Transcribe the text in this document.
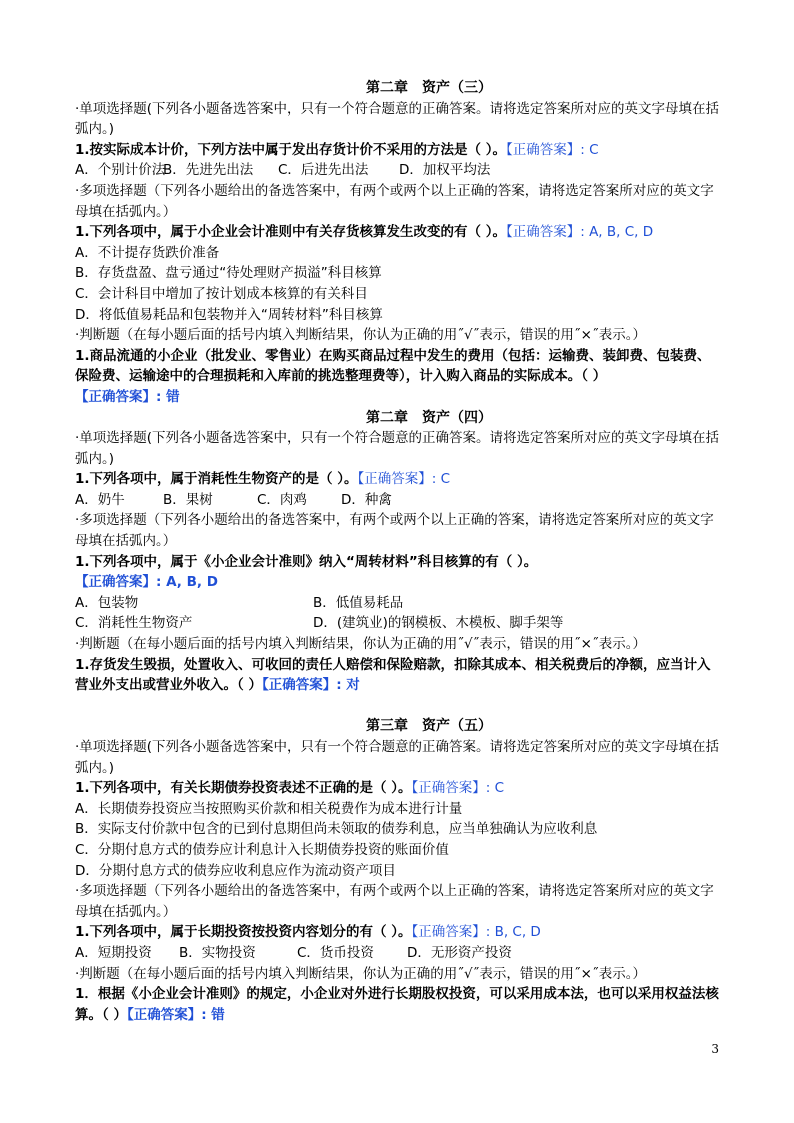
第二章　资产（三）
·单项选择题(下列各小题备选答案中，只有一个符合题意的正确答案。请将选定答案所对应的英文字母填在括弧内。)
1.按实际成本计价，下列方法中属于发出存货计价不采用的方法是（ ）。【正确答案】: C
A．个别计价法B．先进先出法 C．后进先出法 D．加权平均法
·多项选择题（下列各小题给出的备选答案中，有两个或两个以上正确的答案，请将选定答案所对应的英文字母填在括弧内。）
1.下列各项中，属于小企业会计准则中有关存货核算发生改变的有（ ）。【正确答案】: A, B, C, D
A．不计提存货跌价准备
B．存货盘盈、盘亏通过“待处理财产损溢”科目核算
C．会计科目中增加了按计划成本核算的有关科目
D．将低值易耗品和包装物并入“周转材料”科目核算
·判断题（在每小题后面的括号内填入判断结果，你认为正确的用˝√˝表示，错误的用˝×˝表示。）
1.商品流通的小企业（批发业、零售业）在购买商品过程中发生的费用（包括：运输费、装卸费、包装费、保险费、运输途中的合理损耗和入库前的挑选整理费等），计入购入商品的实际成本。（ ）
【正确答案】: 错
第二章　资产（四）
·单项选择题(下列各小题备选答案中，只有一个符合题意的正确答案。请将选定答案所对应的英文字母填在括弧内。)
1.下列各项中，属于消耗性生物资产的是（ ）。【正确答案】: C
A．奶牛	B．果树	C．肉鸡	D．种禽
·多项选择题（下列各小题给出的备选答案中，有两个或两个以上正确的答案，请将选定答案所对应的英文字母填在括弧内。）
1.下列各项中，属于《小企业会计准则》纳入“周转材料”科目核算的有（ ）。
【正确答案】: A, B, D
A．包装物	B．低值易耗品
C．消耗性生物资产	D．(建筑业)的钢模板、木模板、脚手架等
·判断题（在每小题后面的括号内填入判断结果，你认为正确的用˝√˝表示，错误的用˝×˝表示。）
1.存货发生毁损，处置收入、可收回的责任人赔偿和保险赔款，扣除其成本、相关税费后的净额，应当计入营业外支出或营业外收入。（ ）【正确答案】: 对
第三章　资产（五）
·单项选择题(下列各小题备选答案中，只有一个符合题意的正确答案。请将选定答案所对应的英文字母填在括弧内。)
1.下列各项中，有关长期债券投资表述不正确的是（ ）。【正确答案】: C
A．长期债券投资应当按照购买价款和相关税费作为成本进行计量
B．实际支付价款中包含的已到付息期但尚未领取的债券利息，应当单独确认为应收利息
C．分期付息方式的债券应计利息计入长期债券投资的账面价值
D．分期付息方式的债券应收利息应作为流动资产项目
·多项选择题（下列各小题给出的备选答案中，有两个或两个以上正确的答案，请将选定答案所对应的英文字母填在括弧内。）
1.下列各项中，属于长期投资按投资内容划分的有（ ）。【正确答案】: B, C, D
A．短期投资 B．实物投资	C．货币投资 D．无形资产投资
·判断题（在每小题后面的括号内填入判断结果，你认为正确的用˝√˝表示，错误的用˝×˝表示。）
1．根据《小企业会计准则》的规定，小企业对外进行长期股权投资，可以采用成本法，也可以采用权益法核算。（ ）【正确答案】: 错
3
